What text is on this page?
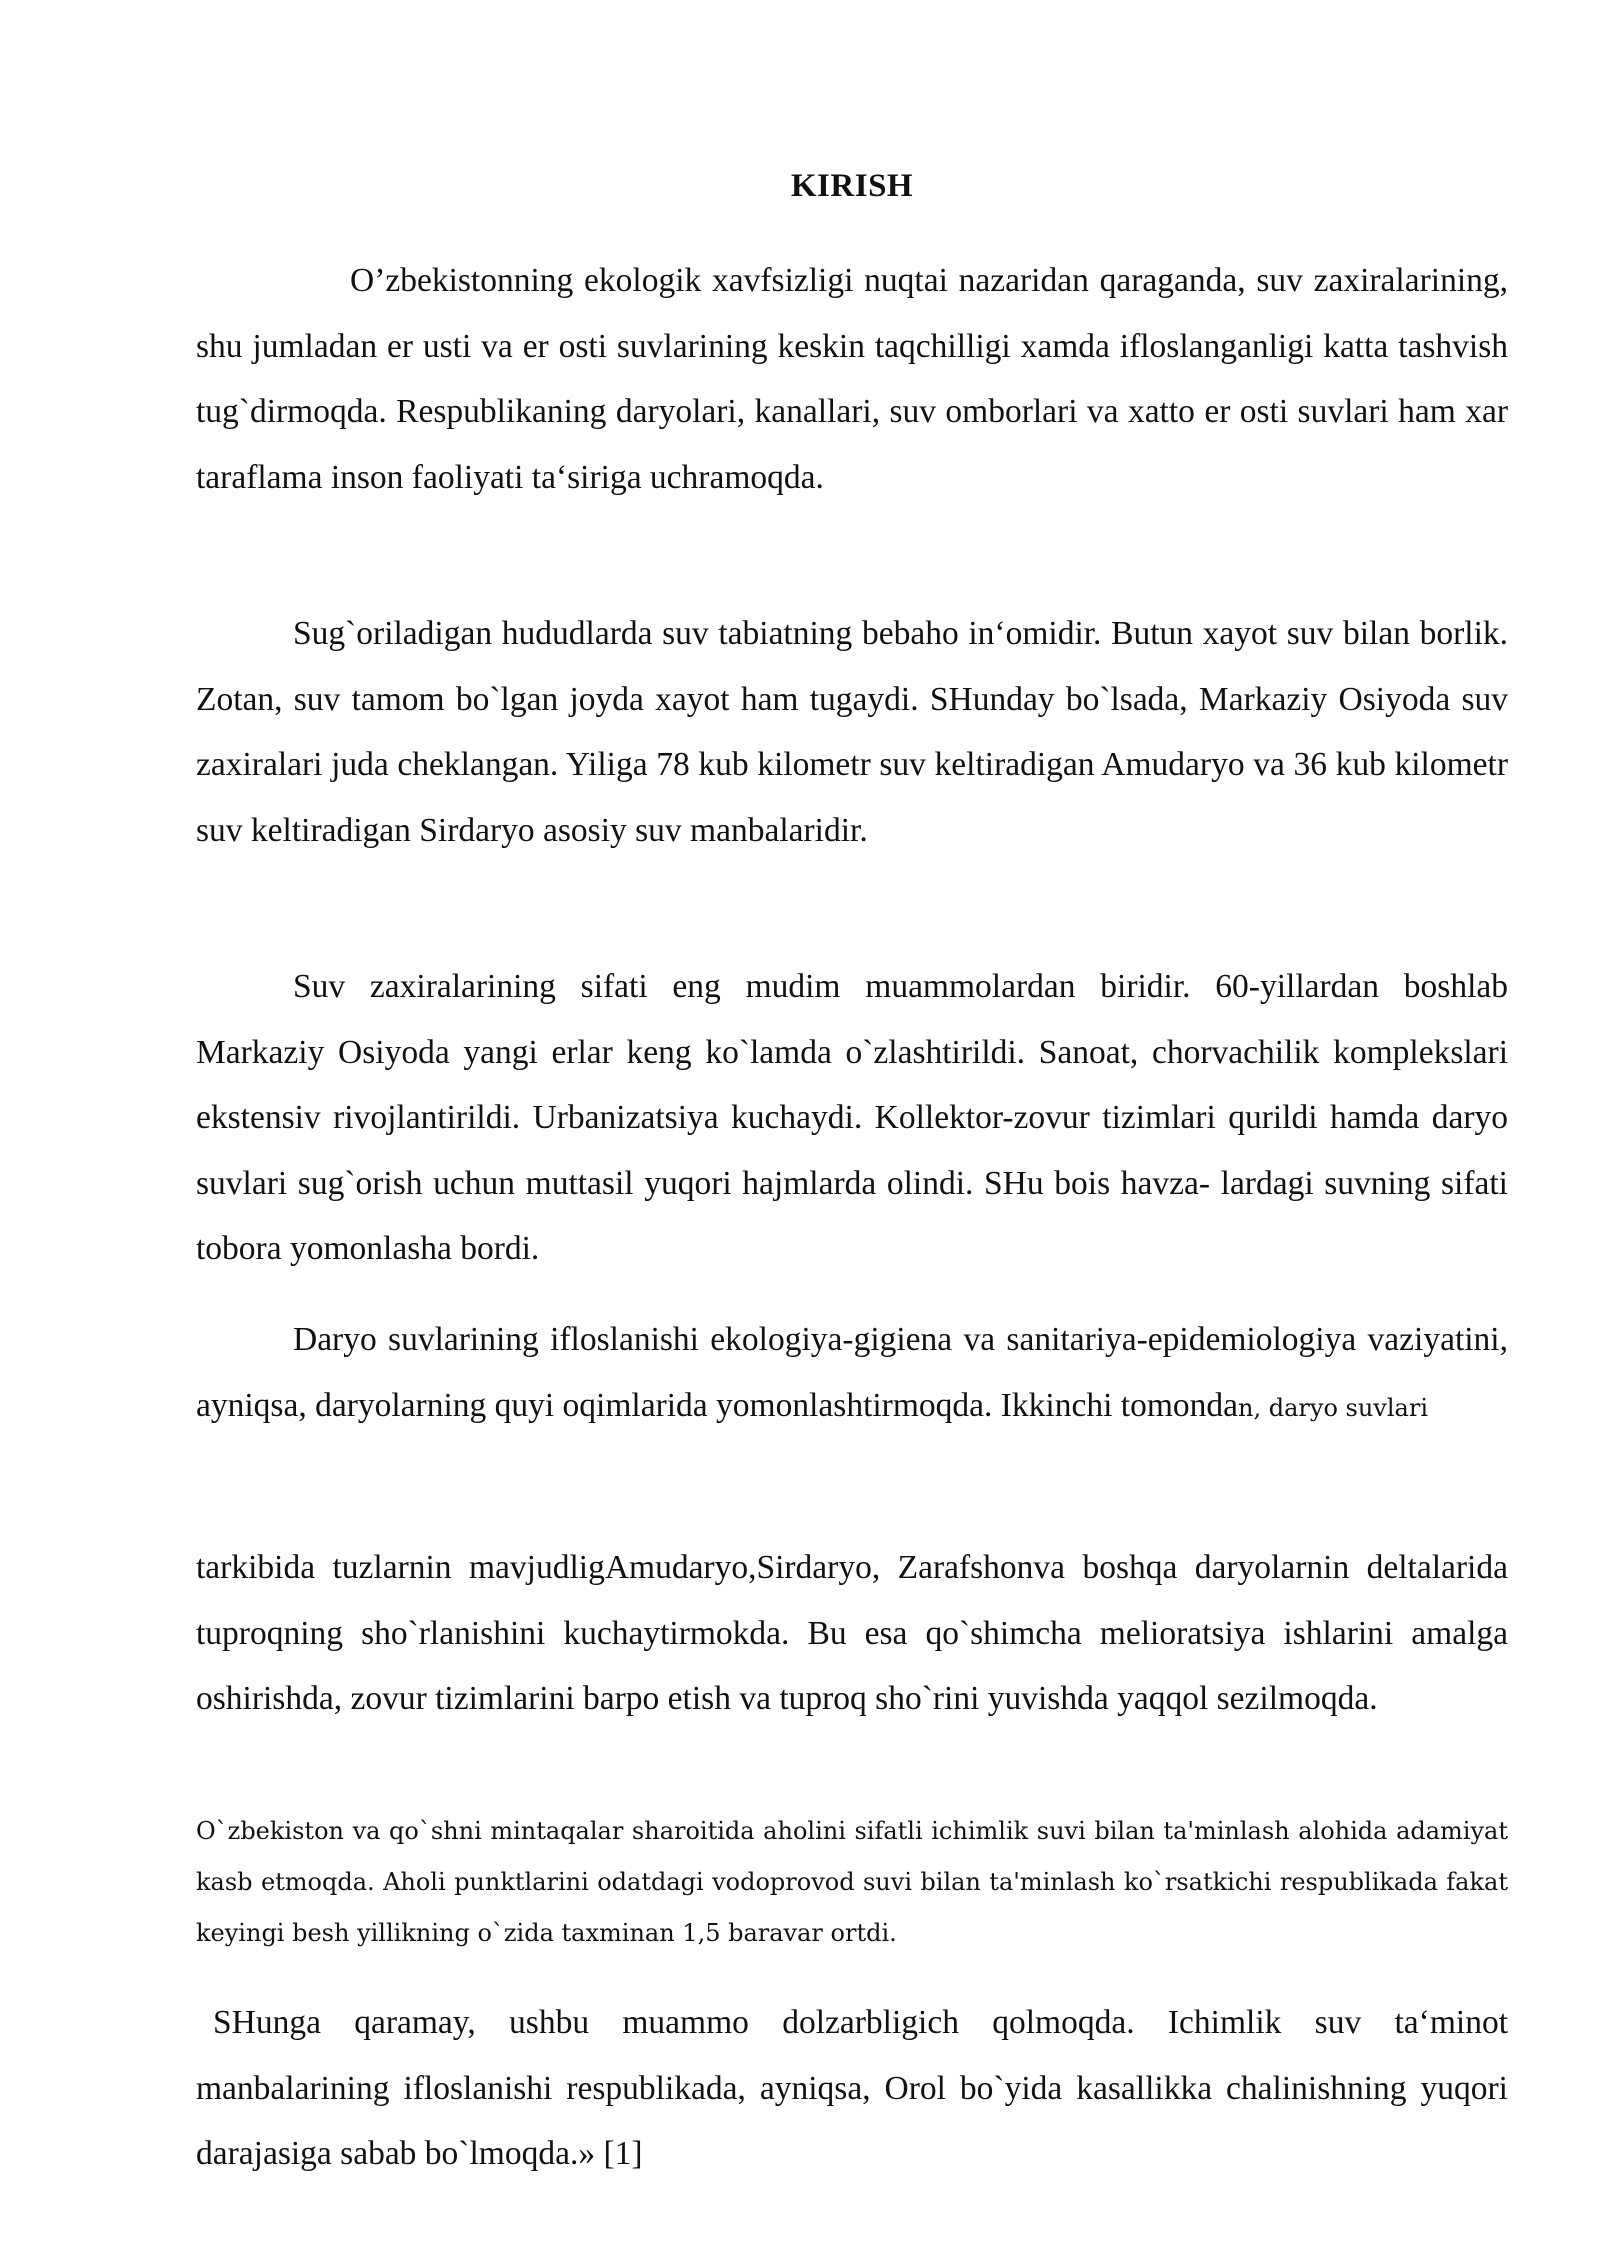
KIRISH
O’zbekistonning ekologik xavfsizligi nuqtai nazaridan qaraganda, suv zaxiralarining, shu jumladan er usti va er osti suvlarining keskin taqchilligi xamda ifloslanganligi katta tashvish tug`dirmoqda. Respublikaning daryolari, kanallari, suv omborlari va xatto er osti suvlari ham xar taraflama inson faoliyati ta‘siriga uchramoqda.
Sug`oriladigan hududlarda suv tabiatning bebaho in‘omidir. Butun xayot suv bilan borlik. Zotan, suv tamom bo`lgan joyda xayot ham tugaydi. SHunday bo`lsada, Markaziy Osiyoda suv zaxiralari juda cheklangan. Yiliga 78 kub kilometr suv keltiradigan Amudaryo va 36 kub kilometr suv keltiradigan Sirdaryo asosiy suv manbalaridir.
Suv zaxiralarining sifati eng mudim muammolardan biridir. 60-yillardan boshlab Markaziy Osiyoda yangi erlar keng ko`lamda o`zlashtirildi. Sanoat, chorvachilik komplekslari ekstensiv rivojlantirildi. Urbanizatsiya kuchaydi. Kollektor-zovur tizimlari qurildi hamda daryo suvlari sug`orish uchun muttasil yuqori hajmlarda olindi. SHu bois havza- lardagi suvning sifati tobora yomonlasha bordi.
Daryo suvlarining ifloslanishi ekologiya-gigiena va sanitariya-epidemiologiya vaziyatini, ayniqsa, daryolarning quyi oqimlarida yomonlashtirmoqda. Ikkinchi tomondan, daryo suvlari
tarkibida tuzlarnin mavjudligAmudaryo,Sirdaryo, Zarafshonva boshqa daryolarnin deltalarida tuproqning sho`rlanishini kuchaytirmokda. Bu esa qo`shimcha melioratsiya ishlarini amalga oshirishda, zovur tizimlarini barpo etish va tuproq sho`rini yuvishda yaqqol sezilmoqda.
O`zbekiston va qo`shni mintaqalar sharoitida aholini sifatli ichimlik suvi bilan ta'minlash alohida adamiyat kasb etmoqda. Aholi punktlarini odatdagi vodoprovod suvi bilan ta'minlash ko`rsatkichi respublikada fakat keyingi besh yillikning o`zida taxminan 1,5 baravar ortdi.
SHunga qaramay, ushbu muammo dolzarbligich qolmoqda. Ichimlik suv ta‘minot manbalarining ifloslanishi respublikada, ayniqsa, Orol bo`yida kasallikka chalinishning yuqori darajasiga sabab bo`lmoqda.» [1]
